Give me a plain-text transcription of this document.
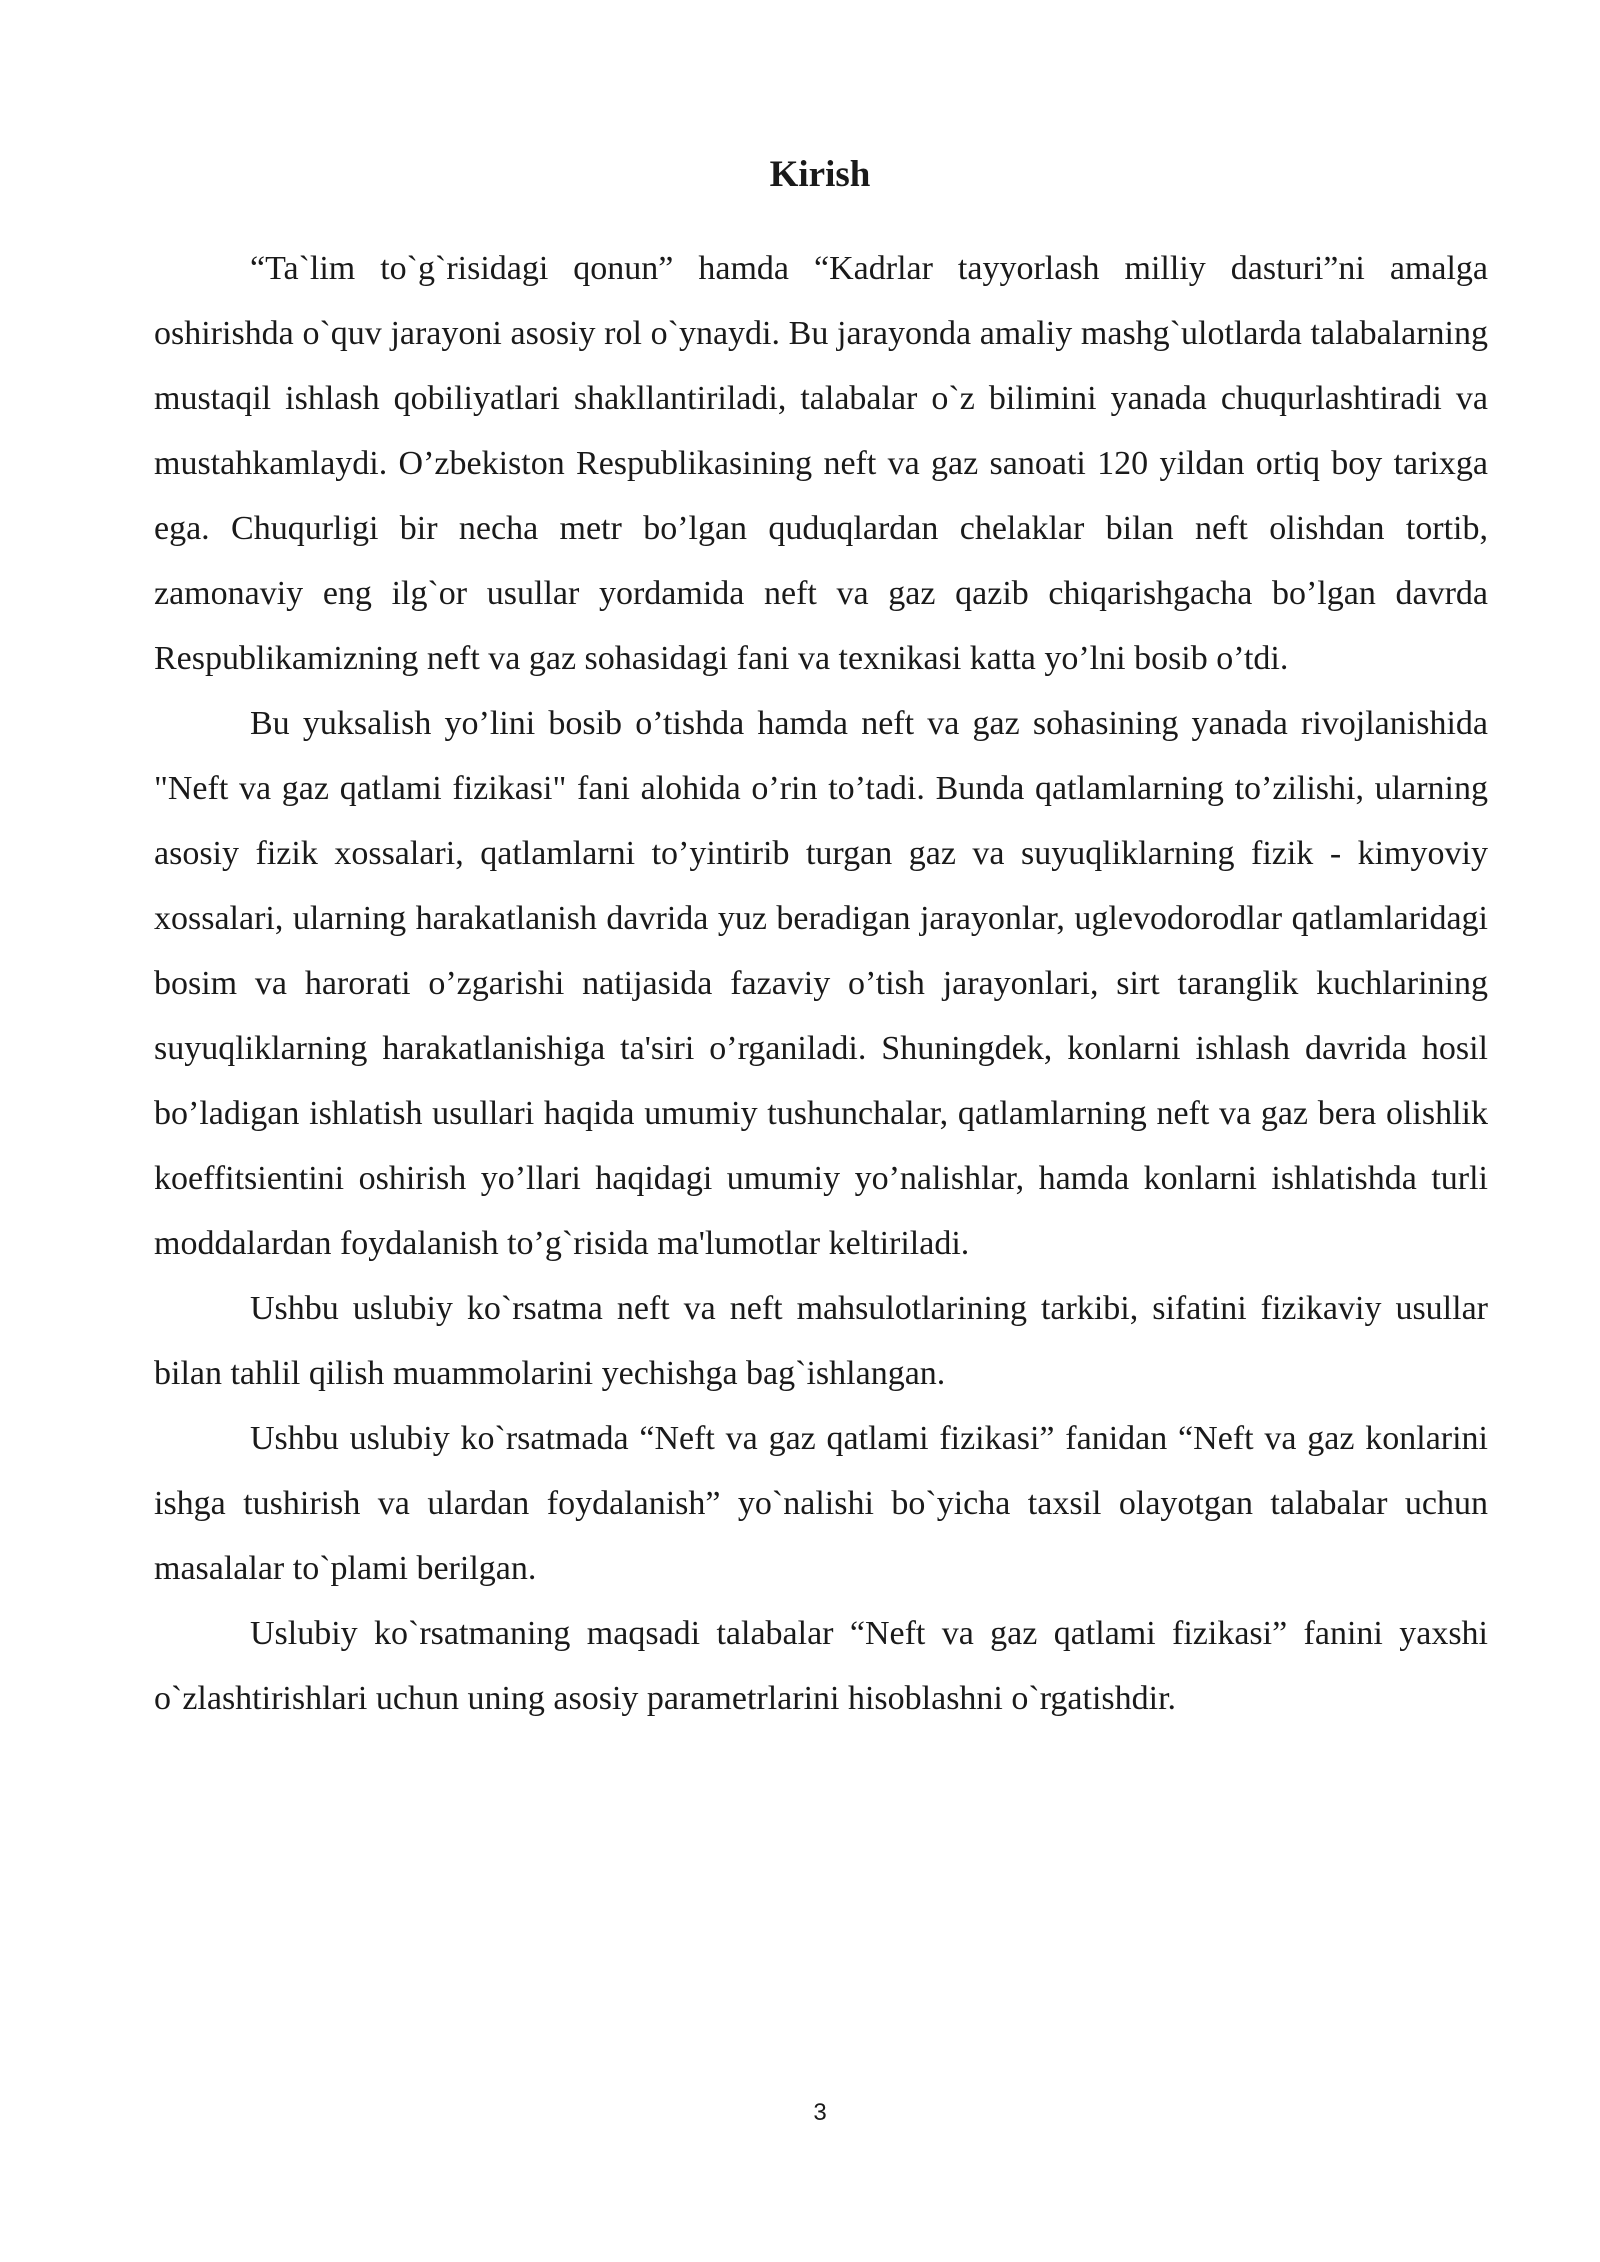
Kirish

“Ta`lim to`g`risidagi qonun” hamda “Kadrlar tayyorlash milliy dasturi”ni amalga oshirishda o`quv jarayoni asosiy rol o`ynaydi. Bu jarayonda amaliy mashg`ulotlarda talabalarning mustaqil ishlash qobiliyatlari shakllantiriladi, talabalar o`z bilimini yanada chuqurlashtiradi va mustahkamlaydi. O’zbekiston Respublikasining neft va gaz sanoati 120 yildan ortiq boy tarixga ega. Chuqurligi bir necha metr bo’lgan quduqlardan chelaklar bilan neft olishdan tortib, zamonaviy eng ilg`or usullar yordamida neft va gaz qazib chiqarishgacha bo’lgan davrda Respublikamizning neft va gaz sohasidagi fani va texnikasi katta yo’lni bosib o’tdi.

Bu yuksalish yo’lini bosib o’tishda hamda neft va gaz sohasining yanada rivojlanishida "Neft va gaz qatlami fizikasi" fani alohida o’rin to’tadi. Bunda qatlamlarning to’zilishi, ularning asosiy fizik xossalari, qatlamlarni to’yintirib turgan gaz va suyuqliklarning fizik - kimyoviy xossalari, ularning harakatlanish davrida yuz beradigan jarayonlar, uglevodorodlar qatlamlaridagi bosim va harorati o’zgarishi natijasida fazaviy o’tish jarayonlari, sirt taranglik kuchlarining suyuqliklarning harakatlanishiga ta'siri o’rganiladi. Shuningdek, konlarni ishlash davrida hosil bo’ladigan ishlatish usullari haqida umumiy tushunchalar, qatlamlarning neft va gaz bera olishlik koeffitsientini oshirish yo’llari haqidagi umumiy yo’nalishlar, hamda konlarni ishlatishda turli moddalardan foydalanish to’g`risida ma'lumotlar keltiriladi.

Ushbu uslubiy ko`rsatma neft va neft mahsulotlarining tarkibi, sifatini fizikaviy usullar bilan tahlil qilish muammolarini yechishga bag`ishlangan.

Ushbu uslubiy ko`rsatmada “Neft va gaz qatlami fizikasi” fanidan “Neft va gaz konlarini ishga tushirish va ulardan foydalanish” yo`nalishi bo`yicha taxsil olayotgan talabalar uchun masalalar to`plami berilgan.

Uslubiy ko`rsatmaning maqsadi talabalar “Neft va gaz qatlami fizikasi” fanini yaxshi o`zlashtirishlari uchun uning asosiy parametrlarini hisoblashni o`rgatishdir.

3
